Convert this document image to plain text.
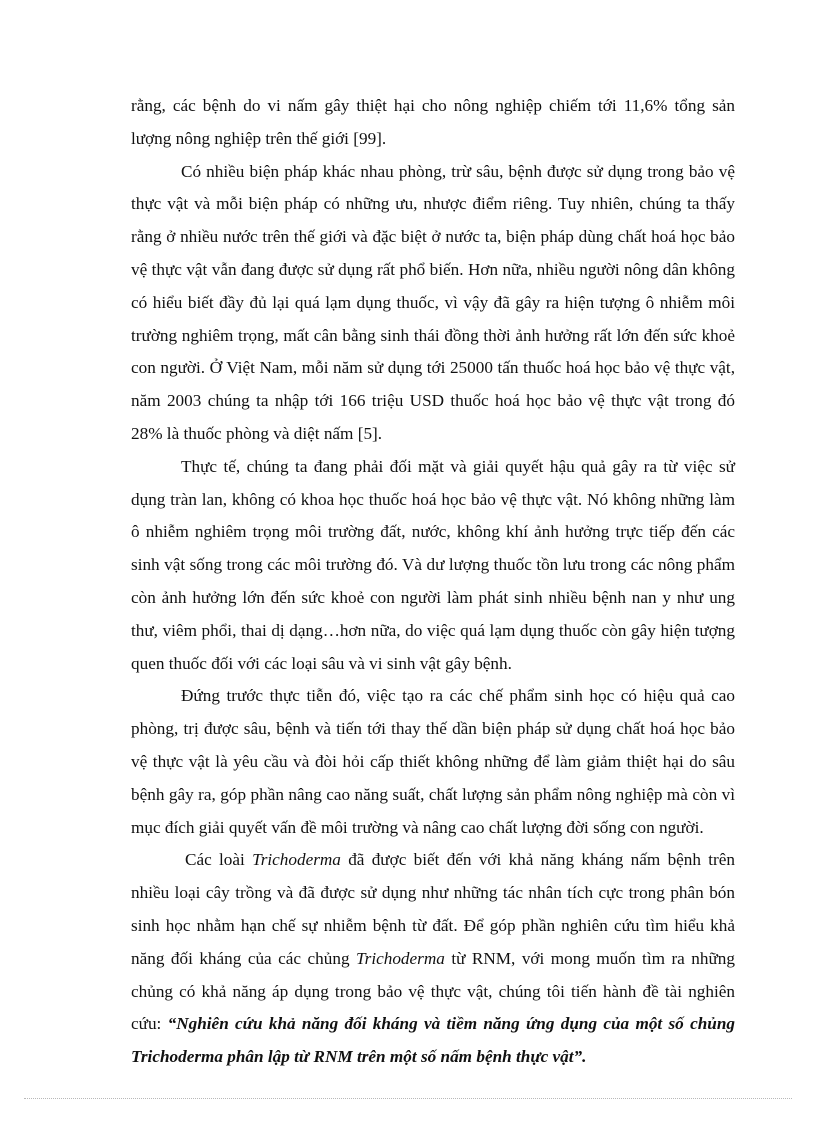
rằng, các bệnh do vi nấm gây thiệt hại cho nông nghiệp chiếm tới 11,6% tổng sản lượng nông nghiệp trên thế giới [99].

Có nhiều biện pháp khác nhau phòng, trừ sâu, bệnh được sử dụng trong bảo vệ thực vật và mỗi biện pháp có những ưu, nhược điểm riêng. Tuy nhiên, chúng ta thấy rằng ở nhiều nước trên thế giới và đặc biệt ở nước ta, biện pháp dùng chất hoá học bảo vệ thực vật vẫn đang được sử dụng rất phổ biến. Hơn nữa, nhiều người nông dân không có hiểu biết đầy đủ lại quá lạm dụng thuốc, vì vậy đã gây ra hiện tượng ô nhiễm môi trường nghiêm trọng, mất cân bằng sinh thái đồng thời ảnh hưởng rất lớn đến sức khoẻ con người. Ở Việt Nam, mỗi năm sử dụng tới 25000 tấn thuốc hoá học bảo vệ thực vật, năm 2003 chúng ta nhập tới 166 triệu USD thuốc hoá học bảo vệ thực vật trong đó 28% là thuốc phòng và diệt nấm [5].

Thực tế, chúng ta đang phải đối mặt và giải quyết hậu quả gây ra từ việc sử dụng tràn lan, không có khoa học thuốc hoá học bảo vệ thực vật. Nó không những làm ô nhiễm nghiêm trọng môi trường đất, nước, không khí ảnh hưởng trực tiếp đến các sinh vật sống trong các môi trường đó. Và dư lượng thuốc tồn lưu trong các nông phẩm còn ảnh hưởng lớn đến sức khoẻ con người làm phát sinh nhiều bệnh nan y như ung thư, viêm phổi, thai dị dạng…hơn nữa, do việc quá lạm dụng thuốc còn gây hiện tượng quen thuốc đối với các loại sâu và vi sinh vật gây bệnh.

Đứng trước thực tiễn đó, việc tạo ra các chế phẩm sinh học có hiệu quả cao phòng, trị được sâu, bệnh và tiến tới thay thế dần biện pháp sử dụng chất hoá học bảo vệ thực vật là yêu cầu và đòi hỏi cấp thiết không những để làm giảm thiệt hại do sâu bệnh gây ra, góp phần nâng cao năng suất, chất lượng sản phẩm nông nghiệp mà còn vì mục đích giải quyết vấn đề môi trường và nâng cao chất lượng đời sống con người.

Các loài Trichoderma đã được biết đến với khả năng kháng nấm bệnh trên nhiều loại cây trồng và đã được sử dụng như những tác nhân tích cực trong phân bón sinh học nhằm hạn chế sự nhiễm bệnh từ đất. Để góp phần nghiên cứu tìm hiểu khả năng đối kháng của các chủng Trichoderma từ RNM, với mong muốn tìm ra những chủng có khả năng áp dụng trong bảo vệ thực vật, chúng tôi tiến hành đề tài nghiên cứu: “Nghiên cứu khả năng đối kháng và tiềm năng ứng dụng của một số chủng Trichoderma phân lập từ RNM trên một số nấm bệnh thực vật”.
